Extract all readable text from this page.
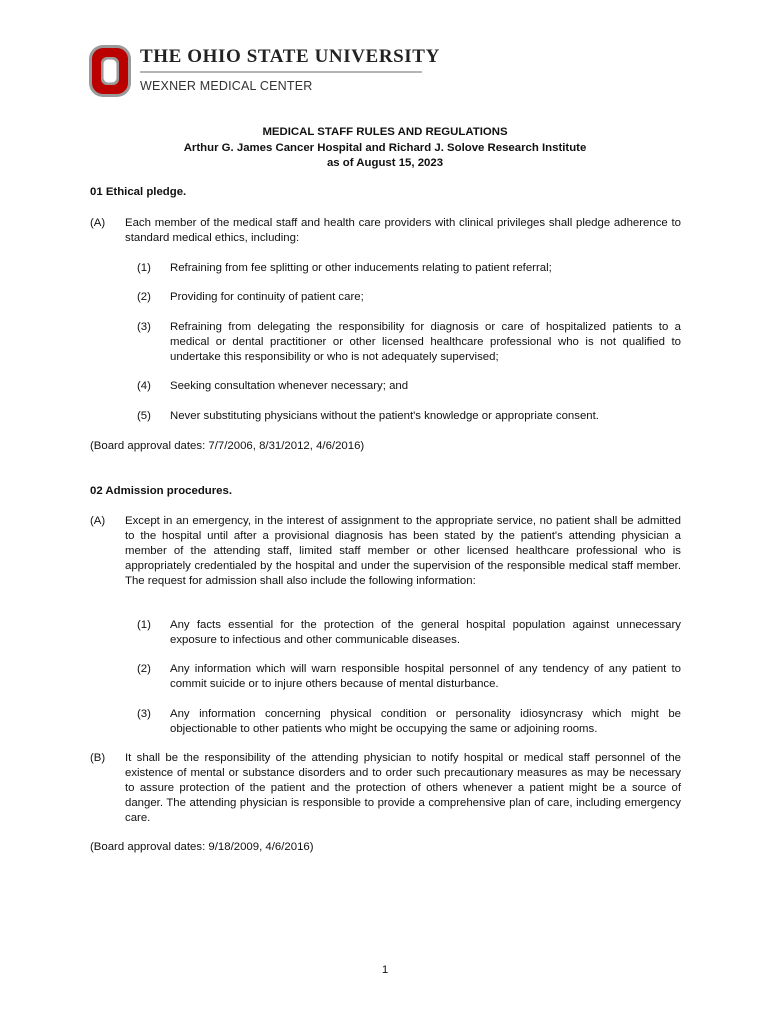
THE OHIO STATE UNIVERSITY
WEXNER MEDICAL CENTER
MEDICAL STAFF RULES AND REGULATIONS
Arthur G. James Cancer Hospital and Richard J. Solove Research Institute
as of August 15, 2023
01 Ethical pledge.
(A) Each member of the medical staff and health care providers with clinical privileges shall pledge adherence to standard medical ethics, including:
(1) Refraining from fee splitting or other inducements relating to patient referral;
(2) Providing for continuity of patient care;
(3) Refraining from delegating the responsibility for diagnosis or care of hospitalized patients to a medical or dental practitioner or other licensed healthcare professional who is not qualified to undertake this responsibility or who is not adequately supervised;
(4) Seeking consultation whenever necessary; and
(5) Never substituting physicians without the patient's knowledge or appropriate consent.
(Board approval dates: 7/7/2006, 8/31/2012, 4/6/2016)
02 Admission procedures.
(A) Except in an emergency, in the interest of assignment to the appropriate service, no patient shall be admitted to the hospital until after a provisional diagnosis has been stated by the patient's attending physician a member of the attending staff, limited staff member or other licensed healthcare professional who is appropriately credentialed by the hospital and under the supervision of the responsible medical staff member. The request for admission shall also include the following information:
(1) Any facts essential for the protection of the general hospital population against unnecessary exposure to infectious and other communicable diseases.
(2) Any information which will warn responsible hospital personnel of any tendency of any patient to commit suicide or to injure others because of mental disturbance.
(3) Any information concerning physical condition or personality idiosyncrasy which might be objectionable to other patients who might be occupying the same or adjoining rooms.
(B) It shall be the responsibility of the attending physician to notify hospital or medical staff personnel of the existence of mental or substance disorders and to order such precautionary measures as may be necessary to assure protection of the patient and the protection of others whenever a patient might be a source of danger. The attending physician is responsible to provide a comprehensive plan of care, including emergency care.
(Board approval dates: 9/18/2009, 4/6/2016)
1
